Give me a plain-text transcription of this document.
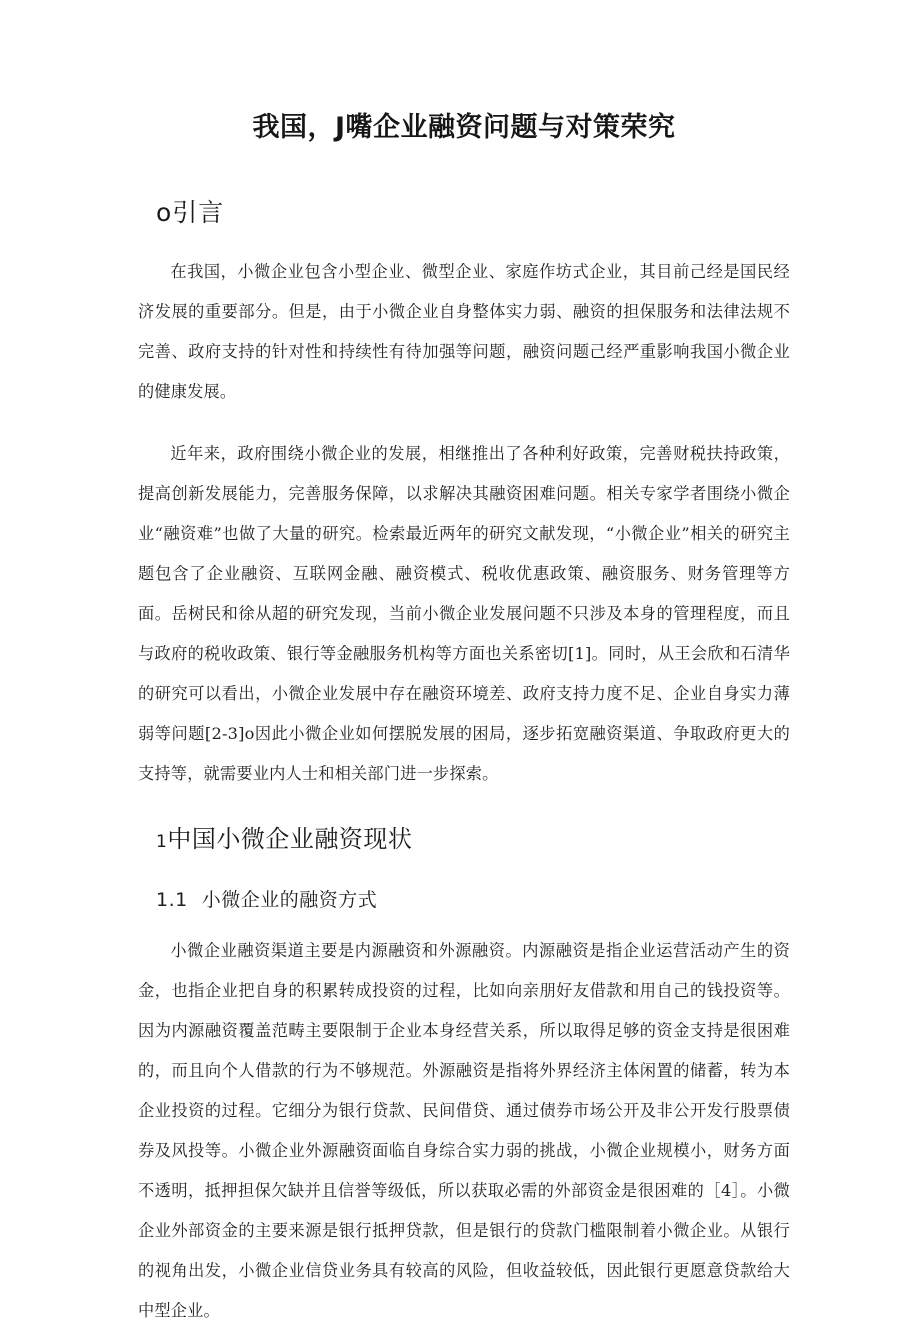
我国，J嘴企业融资问题与对策荣究
o引言

在我国，小微企业包含小型企业、微型企业、家庭作坊式企业，其目前己经是国民经济发展的重要部分。但是，由于小微企业自身整体实力弱、融资的担保服务和法律法规不完善、政府支持的针对性和持续性有待加强等问题，融资问题己经严重影响我国小微企业的健康发展。

近年来，政府围绕小微企业的发展，相继推出了各种利好政策，完善财税扶持政策，提高创新发展能力，完善服务保障，以求解决其融资困难问题。相关专家学者围绕小微企业“融资难”也做了大量的研究。检索最近两年的研究文献发现，“小微企业”相关的研究主题包含了企业融资、互联网金融、融资模式、税收优惠政策、融资服务、财务管理等方面。岳树民和徐从超的研究发现，当前小微企业发展问题不只涉及本身的管理程度，而且与政府的税收政策、银行等金融服务机构等方面也关系密切[1]。同时，从王会欣和石清华的研究可以看出，小微企业发展中存在融资环境差、政府支持力度不足、企业自身实力薄弱等问题[2-3]o因此小微企业如何摆脱发展的困局，逐步拓宽融资渠道、争取政府更大的支持等，就需要业内人士和相关部门进一步探索。

1中国小微企业融资现状
1.1 小微企业的融资方式

小微企业融资渠道主要是内源融资和外源融资。内源融资是指企业运营活动产生的资金，也指企业把自身的积累转成投资的过程，比如向亲朋好友借款和用自己的钱投资等。因为内源融资覆盖范畴主要限制于企业本身经营关系，所以取得足够的资金支持是很困难的，而且向个人借款的行为不够规范。外源融资是指将外界经济主体闲置的储蓄，转为本企业投资的过程。它细分为银行贷款、民间借贷、通过债券市场公开及非公开发行股票债券及风投等。小微企业外源融资面临自身综合实力弱的挑战，小微企业规模小，财务方面不透明，抵押担保欠缺并且信誉等级低，所以获取必需的外部资金是很困难的［4］。小微企业外部资金的主要来源是银行抵押贷款，但是银行的贷款门槛限制着小微企业。从银行的视角出发，小微企业信贷业务具有较高的风险，但收益较低，因此银行更愿意贷款给大中型企业。
